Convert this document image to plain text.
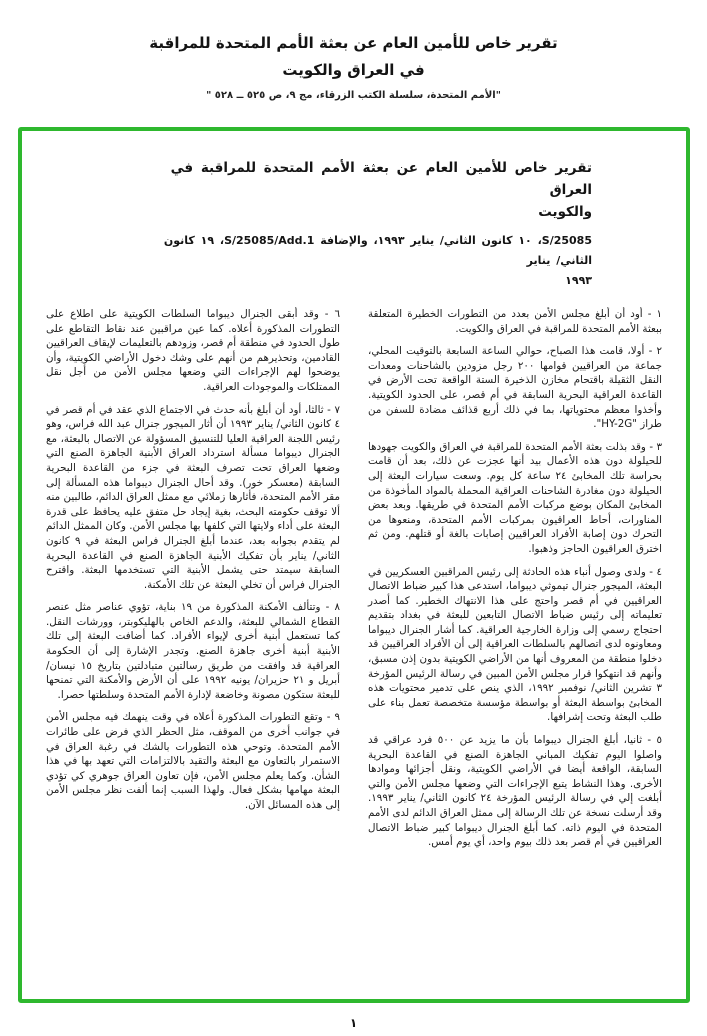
تقرير خاص للأمين العام عن بعثة الأمم المتحدة للمراقبة
في العراق والكويت
"الأمم المتحدة، سلسلة الكتب الزرقاء، مج ٩، ص ٥٢٥ ــ ٥٢٨ "
تقرير خاص للأمين العام عن بعثة الأمم المتحدة للمراقبة في العراق
والكويت
S/25085، ١٠ كانون الثاني/ يناير ١٩٩٣، والإضافة S/25085/Add.1، ١٩ كانون الثاني/ يناير
١٩٩٣

١ - أود أن أبلغ مجلس الأمن بعدد من التطورات الخطيرة المتعلقة ببعثة الأمم المتحدة للمراقبة في العراق والكويت.

٢ - أولا، قامت هذا الصباح، حوالي الساعة السابعة بالتوقيت المحلي، جماعة من العراقيين قوامها ٢٠٠ رجل مزودين بالشاحنات ومعدات النقل الثقيلة باقتحام مخازن الذخيرة الستة الواقعة تحت الأرض في القاعدة العراقية البحرية السابقة في أم قصر، على الحدود الكويتية. وأخذوا معظم محتوياتها، بما في ذلك أربع قذائف مضادة للسفن من طراز "HY-2G".

٣ - وقد بذلت بعثة الأمم المتحدة للمراقبة في العراق والكويت جهودها للحيلولة دون هذه الأعمال بيد أنها عجزت عن ذلك، بعد أن قامت بحراسة تلك المخابئ ٢٤ ساعة كل يوم. وسعت سيارات البعثة إلى الحيلولة دون مغادرة الشاحنات العراقية المحملة بالمواد المأخوذة من المخابئ المكان بوضع مركبات الأمم المتحدة في طريقها. وبعد بعض المناورات، أحاط العراقيون بمركبات الأمم المتحدة، ومنعوها من التحرك دون إصابة الأفراد العراقيين إصابات بالغة أو قتلهم. ومن ثم اخترق العراقيون الحاجز وذهبوا.

٤ - ولدى وصول أنباء هذه الحادثة إلى رئيس المراقبين العسكريين في البعثة، الميجور جنرال تيموثي ديبواما، استدعى هذا كبير ضباط الاتصال العراقيين في أم قصر واحتج على هذا الانتهاك الخطير. كما أصدر تعليماته إلى رئيس ضباط الاتصال التابعين للبعثة في بغداد بتقديم احتجاج رسمي إلى وزارة الخارجية العراقية. كما أشار الجنرال ديبواما ومعاونوه لدى اتصالهم بالسلطات العراقية إلى أن الأفراد العراقيين قد دخلوا منطقة من المعروف أنها من الأراضي الكويتية بدون إذن مسبق، وأنهم قد انتهكوا قرار مجلس الأمن المبين في رسالة الرئيس المؤرخة ٣ تشرين الثاني/ نوفمبر ١٩٩٢، الذي ينص على تدمير محتويات هذه المخابئ بواسطة البعثة أو بواسطة مؤسسة متخصصة تعمل بناء على طلب البعثة وتحت إشرافها.

٥ - ثانيا، أبلغ الجنرال ديبواما بأن ما يزيد عن ٥٠٠ فرد عراقي قد واصلوا اليوم تفكيك المباني الجاهزة الصنع في القاعدة البحرية السابقة، الواقعة أيضا في الأراضي الكويتية، ونقل أجزائها وموادها الأخرى. وهذا النشاط يتبع الإجراءات التي وضعها مجلس الأمن والتي أبلغت إلي في رسالة الرئيس المؤرخة ٢٤ كانون الثاني/ يناير ١٩٩٣. وقد أرسلت نسخة عن تلك الرسالة إلى ممثل العراق الدائم لدى الأمم المتحدة في اليوم ذاته. كما أبلغ الجنرال ديبواما كبير ضباط الاتصال العراقيين في أم قصر بعد ذلك بيوم واحد، أي يوم أمس.

٦ - وقد أبقى الجنرال ديبواما السلطات الكويتية على اطلاع على التطورات المذكورة أعلاه. كما عين مراقبين عند نقاط التقاطع على طول الحدود في منطقة أم قصر، وزودهم بالتعليمات لإيقاف العراقيين القادمين، وتحذيرهم من أنهم على وشك دخول الأراضي الكويتية، وأن يوضحوا لهم الإجراءات التي وضعها مجلس الأمن من أجل نقل الممتلكات والموجودات العراقية.

٧ - ثالثا، أود أن أبلغ بأنه حدث في الاجتماع الذي عقد في أم قصر في ٤ كانون الثاني/ يناير ١٩٩٣ أن أثار الميجور جنرال عبد الله فراس، وهو رئيس اللجنة العراقية العليا للتنسيق المسؤولة عن الاتصال بالبعثة، مع الجنرال ديبواما مسألة استرداد العراق الأبنية الجاهزة الصنع التي وضعها العراق تحت تصرف البعثة في جزء من القاعدة البحرية السابقة (معسكر خور). وقد أحال الجنرال ديبواما هذه المسألة إلى مقر الأمم المتحدة، فأثارها زملائي مع ممثل العراق الدائم، طالبين منه ألا توقف حكومته البحث، بغية إيجاد حل متفق عليه يحافظ على قدرة البعثة على أداء ولايتها التي كلفها بها مجلس الأمن. وكان الممثل الدائم لم يتقدم بجوابه بعد، عندما أبلغ الجنرال فراس البعثة في ٩ كانون الثاني/ يناير بأن تفكيك الأبنية الجاهزة الصنع في القاعدة البحرية السابقة سيمتد حتى يشمل الأبنية التي تستخدمها البعثة. واقترح الجنرال فراس أن تخلي البعثة عن تلك الأمكنة.

٨ - وتتألف الأمكنة المذكورة من ١٩ بناية، تؤوي عناصر مثل عنصر القطاع الشمالي للبعثة، والدعم الخاص بالهليكوبتر، وورشات النقل. كما تستعمل أبنية أخرى لإيواء الأفراد. كما أضافت البعثة إلى تلك الأبنية أبنية أخرى جاهزة الصنع. وتجدر الإشارة إلى أن الحكومة العراقية قد وافقت من طريق رسالتين متبادلتين بتاريخ ١٥ نيسان/ أبريل و ٢١ حزيران/ يونيه ١٩٩٢ على أن الأرض والأمكنة التي تمنحها للبعثة ستكون مصونة وخاضعة لإدارة الأمم المتحدة وسلطتها حصرا.

٩ - وتقع التطورات المذكورة أعلاه في وقت ينهمك فيه مجلس الأمن في جوانب أخرى من الموقف، مثل الحظر الذي فرض على طائرات الأمم المتحدة. وتوحي هذه التطورات بالشك في رغبة العراق في الاستمرار بالتعاون مع البعثة والتقيد بالالتزامات التي تعهد بها في هذا الشأن. وكما يعلم مجلس الأمن، فإن تعاون العراق جوهري كي تؤدي البعثة مهامها بشكل فعال. ولهذا السبب إنما ألفت نظر مجلس الأمن إلى هذه المسائل الآن.

١
